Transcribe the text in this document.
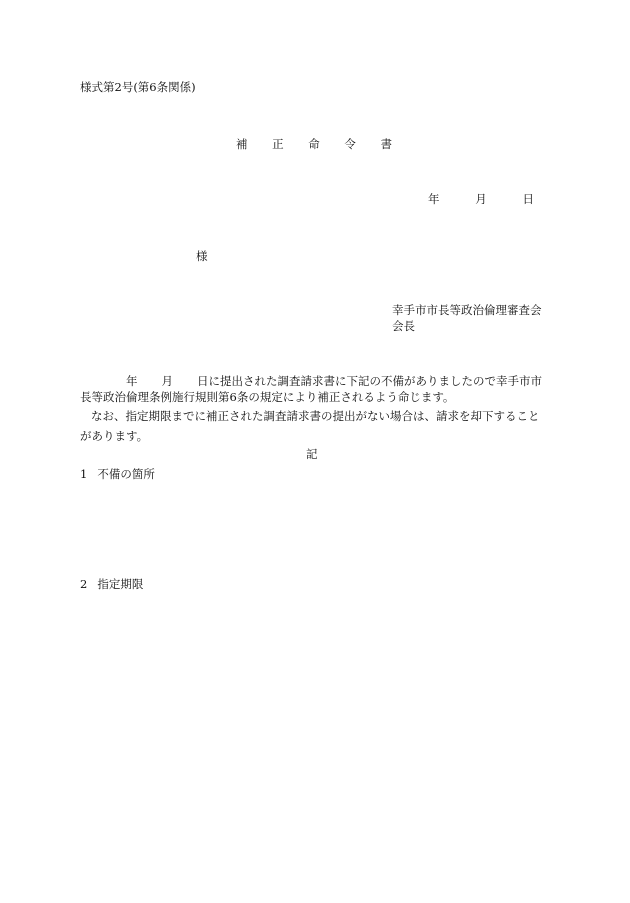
様式第2号(第6条関係)
補 正 命 令 書
年	月	日
様
幸手市市長等政治倫理審査会
会長
年 月 日に提出された調査請求書に下記の不備がありましたので幸手市市
長等政治倫理条例施行規則第6条の規定により補正されるよう命じます。
なお、指定期限までに補正された調査請求書の提出がない場合は、請求を却下すること
があります。
記
1 不備の箇所
2 指定期限
